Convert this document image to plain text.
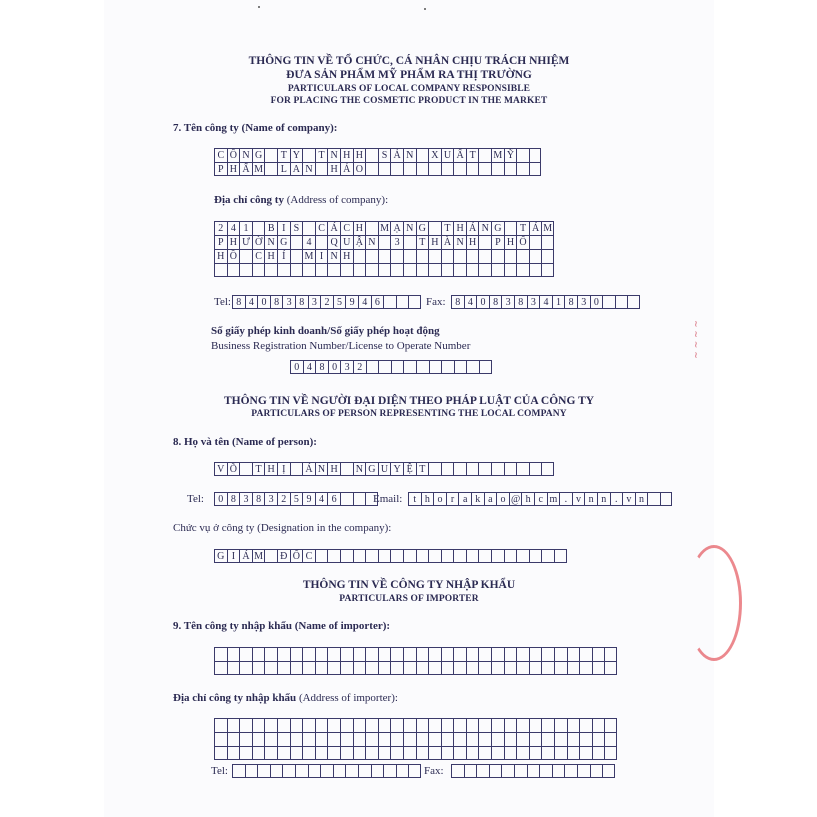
THÔNG TIN VỀ TỔ CHỨC, CÁ NHÂN CHỊU TRÁCH NHIỆM
ĐƯA SẢN PHẨM MỸ PHẨM RA THỊ TRƯỜNG
PARTICULARS OF LOCAL COMPANY RESPONSIBLE
FOR PLACING THE COSMETIC PRODUCT IN THE MARKET
7. Tên công ty (Name of company):
C Ô N G	T Y	T N H H	S Ả N	X U Ấ T M Ỹ
P H Ẩ M	L A N	H Ả O
Địa chỉ công ty (Address of company):
2 4 1	B I S	C Á C H M Ạ N G	T H Á N G	T Á M
P H Ư Ờ N G	4	Q U Ậ N	3	T H À N H	P H Ố
H Ồ	C H Í	M I N H
Tel: 8 4 0 8 3 8 3 2 5 9 4 6	Fax: 8 4 0 8 3 8 3 4 1 8 3 0
Số giấy phép kinh doanh/Số giấy phép hoạt động
Business Registration Number/License to Operate Number
0 4 8 0 3 2
THÔNG TIN VỀ NGƯỜI ĐẠI DIỆN THEO PHÁP LUẬT CỦA CÔNG TY
PARTICULARS OF PERSON REPRESENTING THE LOCAL COMPANY
8. Họ và tên (Name of person):
V Õ	T H Ị	Á N H	N G U Y Ệ T
Tel:	0 8 3 8 3 2 5 9 4 6	Email:	t h o r a k a o @ h c m . v n n . v n
Chức vụ ở công ty (Designation in the company):
G I Á M	Đ Ố C
THÔNG TIN VỀ CÔNG TY NHẬP KHẨU
PARTICULARS OF IMPORTER
9. Tên công ty nhập khẩu (Name of importer):
Địa chỉ công ty nhập khẩu (Address of importer):
Tel:	Fax:
~ ~ ~ ~
